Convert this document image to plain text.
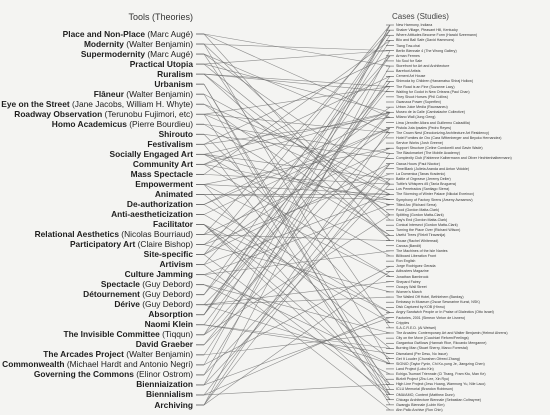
Tools (Theories)	Cases (Studies)
Place and Non-Place (Marc Augé)
Modernity (Walter Benjamin)
Supermodernity (Marc Augé)
Practical Utopia
Ruralism
Urbanism
Flâneur (Walter Benjamin)
Eye on the Street (Jane Jacobs, William H. Whyte)
Roadway Observation (Terunobu Fujimori, etc)
Homo Academicus (Pierre Bourdieu)
Shirouto
Festivalism
Socially Engaged Art
Community Art
Mass Spectacle
Empowerment
Animated
De-authorization
Anti-aestheticization
Facilitator
Relational Aesthetics (Nicolas Bourriaud)
Participatory Art (Claire Bishop)
Site-specific
Artivism
Culture Jamming
Spectacle (Guy Debord)
Détournement (Guy Debord)
Dérive (Guy Debord)
Absorption
Naomi Klein
The Invisible Committee (Tiqqun)
David Graeber
The Arcades Project (Walter Benjamin)
Commonwealth (Michael Hardt and Antonio Negri)
Governing the Commons (Elinor Ostrom)
Bienniaization
Biennialism
Archiving
New Harmony, Indiana
Shaker Village, Pleasant Hill, Kentucky
Where Attitudes Become Form (Harald Szeemann)
Bilo and Ball Safe (David Hammons)
Tiang Tow-chai
Berlin Biennale 4 (The Wrong Gallery)
Arman Fermes
No Soul for Sale
Storefront for Art and Architecture
Barefoot Artists
Cement Art House
Shimoda by Children (Hanamatsu Shiraj Hollow)
The Road is an Fine (Suzanne Lacy)
Waiting for Godot in New Orleans (Paul Chan)
They Shoot Horses (Phil Collins)
Gwanzoa Power (Superflex)
Urban Juice Media (Raunsaneu)
Museo de la Calle (Cambalache Collective)
Milano Wall (Jung Geng)
Lima (Jennifer Allora and Guillermo Calzadilla)
Pistola Juta Ipsales (Pedro Reyes)
The Crown Nest (Decolonizing Architecture Art Residency)
Hotel Fomites de Oro (Cara Wittenberger and Beyoko Hernandez)
Service Works (Josh Greene)
Support Structure (Celine Condorelli and Gavin Wade)
The Blackmarket (The Mobile Academy)
Complexity Club (Fabienne Kalbermann and Oliver Hechtenhalbermann)
Oaxca Hours (Paul Nicotor)
Time/Bank (Julieta Aranda and Anton Vidokle)
La Domenica (Tanas Kradenic)
Battle of Orgreave (Jeremy Deller)
Tuttle's Whispers #5 (Tania Bruguera)
Los Penetrados (Santiago Sierra)
The Storming of Winter Palace (Nikolai Evreinov)
Symphony of Factory Sirens (Arseny Avraamov)
Tilted Arc (Richard Serra)
Food (Gordon Matta-Clark)
Splitting (Gordon Matta-Clark)
Day's End (Gordon Matta-Clark)
Conical Intersect (Gordon Matta-Clark)
Turning the Place Over (Richard Wilson)
Useful Trees (Rirkrit Tiravanija)
House (Rachel Whiteread)
Carosa (Bandit)
The Machines of the Isle Nantes
Billboard Liberation Front
Ron English
Jorge Rodríguez Gerada
Adbusters Magazine
Jonathan Barnbrook
Shepard Fairey
Occupy Wall Street
Women's March
The Walled Off Hotel, Bethlehem (Banksy)
Embassy in Museum (Oscar Sewnarine Kunst, NSK)
Disk Captured by KOB (Hinnu)
Angry Sandwich People or In Praise of Dialectics (Otto Israel)
Factories, 2001 (Simeon Vinton de Lisnero)
Cripples
S.A.C.R.E.D. (Ai Weiwei)
The Arcades: Contemporary Art and Walter Benjamin (Helmut Ahrens)
City on the Move (Cucchiari Reform/Feelings)
Gargantua Gwillows (Hannah Rice, Riccardo Menganne)
Burning Man (Stuart Sherry, Marco Forrestal)
Dismaland (Per Desu, No Issue)
Get It Louder (Chunshen Ofreed Zhang)
SIGNIO (Taylor Fynin, Chi Ko-yung Je, Jiangzing Chen)
Land Project (Lobo Kin)
Echigo-Tsumari Triennale (Ci Thang, Fram Ktu, Man Ke)
Bizkrit Project (Zhu Lee, Xin Ryu)
High Line Project (Jesu Huang, Wamnorg Yu, Nile Laco)
ICLU Memorial (Brandon Robinson)
OMA/AMO, Content (Matthew Dunn)
Chicago Architecture Biennale (Sebastian Coltrayme)
Gwangju Biennale (Lubin Kim)
Ahn Pallo Archive (Ron Chin)
